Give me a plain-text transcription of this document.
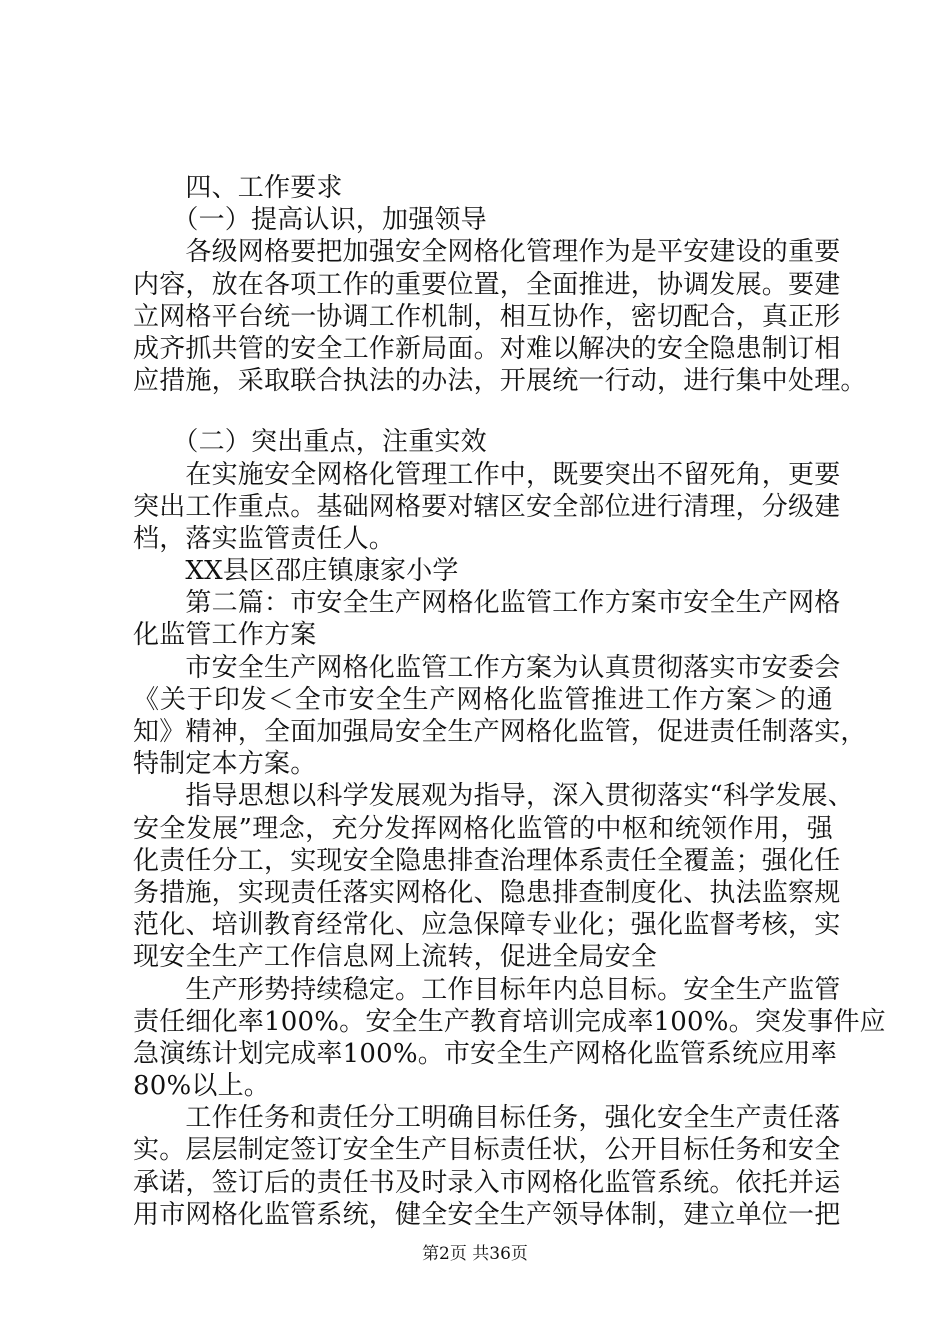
　　四、工作要求
　　（一）提高认识，加强领导
　　各级网格要把加强安全网格化管理作为是平安建设的重要
内容，放在各项工作的重要位置，全面推进，协调发展。要建
立网格平台统一协调工作机制，相互协作，密切配合，真正形
成齐抓共管的安全工作新局面。对难以解决的安全隐患制订相
应措施，采取联合执法的办法，开展统一行动，进行集中处理。
　　（二）突出重点，注重实效
　　在实施安全网格化管理工作中，既要突出不留死角，更要
突出工作重点。基础网格要对辖区安全部位进行清理，分级建
档，落实监管责任人。
　　XX县区邵庄镇康家小学
　　第二篇：市安全生产网格化监管工作方案市安全生产网格
化监管工作方案
　　市安全生产网格化监管工作方案为认真贯彻落实市安委会
《关于印发＜全市安全生产网格化监管推进工作方案＞的通
知》精神，全面加强局安全生产网格化监管，促进责任制落实，
特制定本方案。
　　指导思想以科学发展观为指导，深入贯彻落实“科学发展、
安全发展”理念，充分发挥网格化监管的中枢和统领作用，强
化责任分工，实现安全隐患排查治理体系责任全覆盖；强化任
务措施，实现责任落实网格化、隐患排查制度化、执法监察规
范化、培训教育经常化、应急保障专业化；强化监督考核，实
现安全生产工作信息网上流转，促进全局安全
　　生产形势持续稳定。工作目标年内总目标。安全生产监管
责任细化率100%。安全生产教育培训完成率100%。突发事件应
急演练计划完成率100%。市安全生产网格化监管系统应用率
80%以上。
　　工作任务和责任分工明确目标任务，强化安全生产责任落
实。层层制定签订安全生产目标责任状，公开目标任务和安全
承诺，签订后的责任书及时录入市网格化监管系统。依托并运
用市网格化监管系统，健全安全生产领导体制，建立单位一把
第2页 共36页
